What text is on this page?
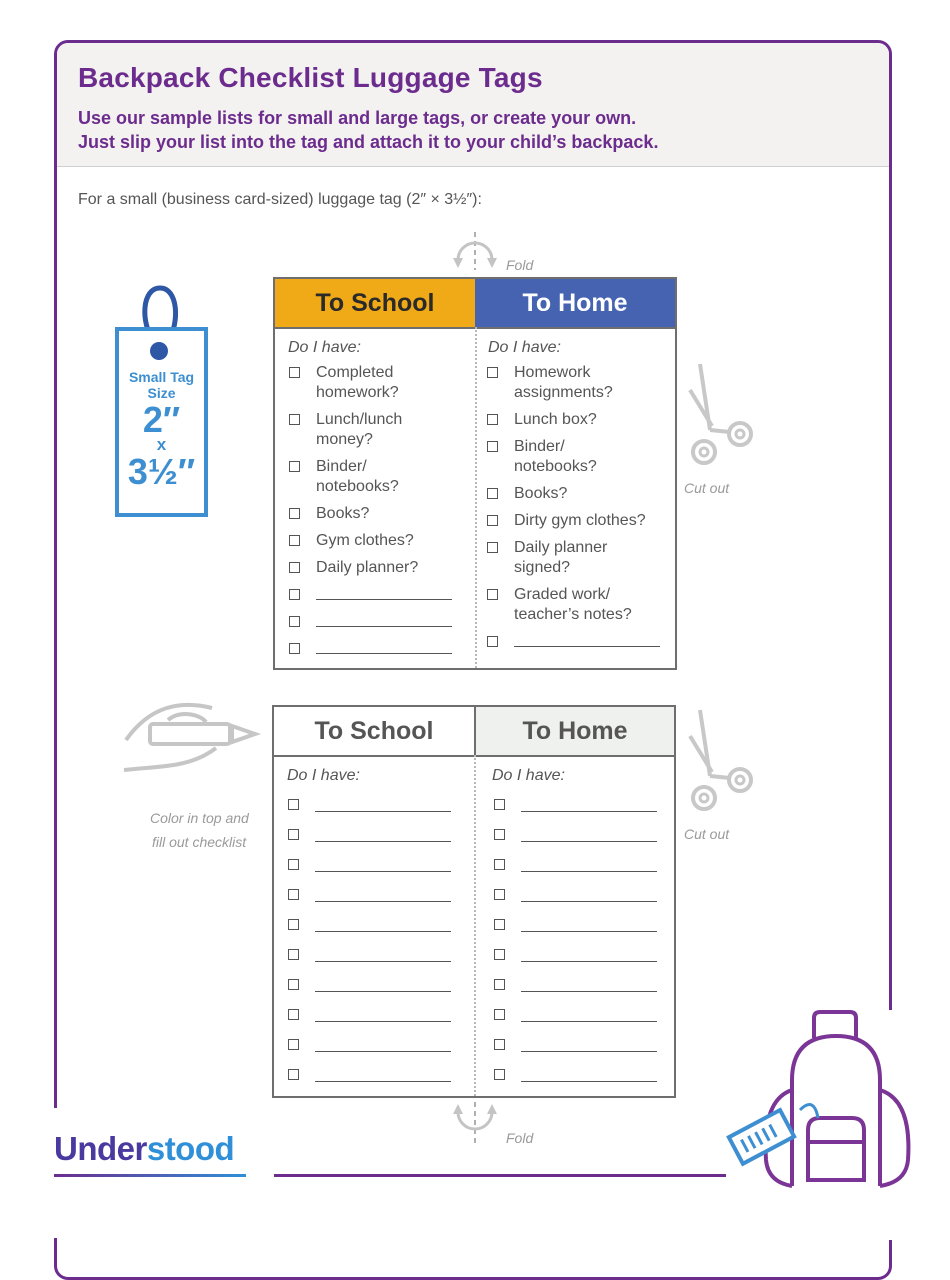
Backpack Checklist Luggage Tags
Use our sample lists for small and large tags, or create your own.
Just slip your list into the tag and attach it to your child’s backpack.
For a small (business card-sized) luggage tag (2″ × 3½″):
Fold
Small Tag
Size
2″
x
3½″
To School
Do I have:
Completed homework?
Lunch/lunch money?
Binder/ notebooks?
Books?
Gym clothes?
Daily planner?
To Home
Do I have:
Homework assignments?
Lunch box?
Binder/ notebooks?
Books?
Dirty gym clothes?
Daily planner signed?
Graded work/ teacher’s notes?
Cut out
Color in top and
fill out checklist
To School
Do I have:
To Home
Do I have:
Cut out
Fold
Understood
